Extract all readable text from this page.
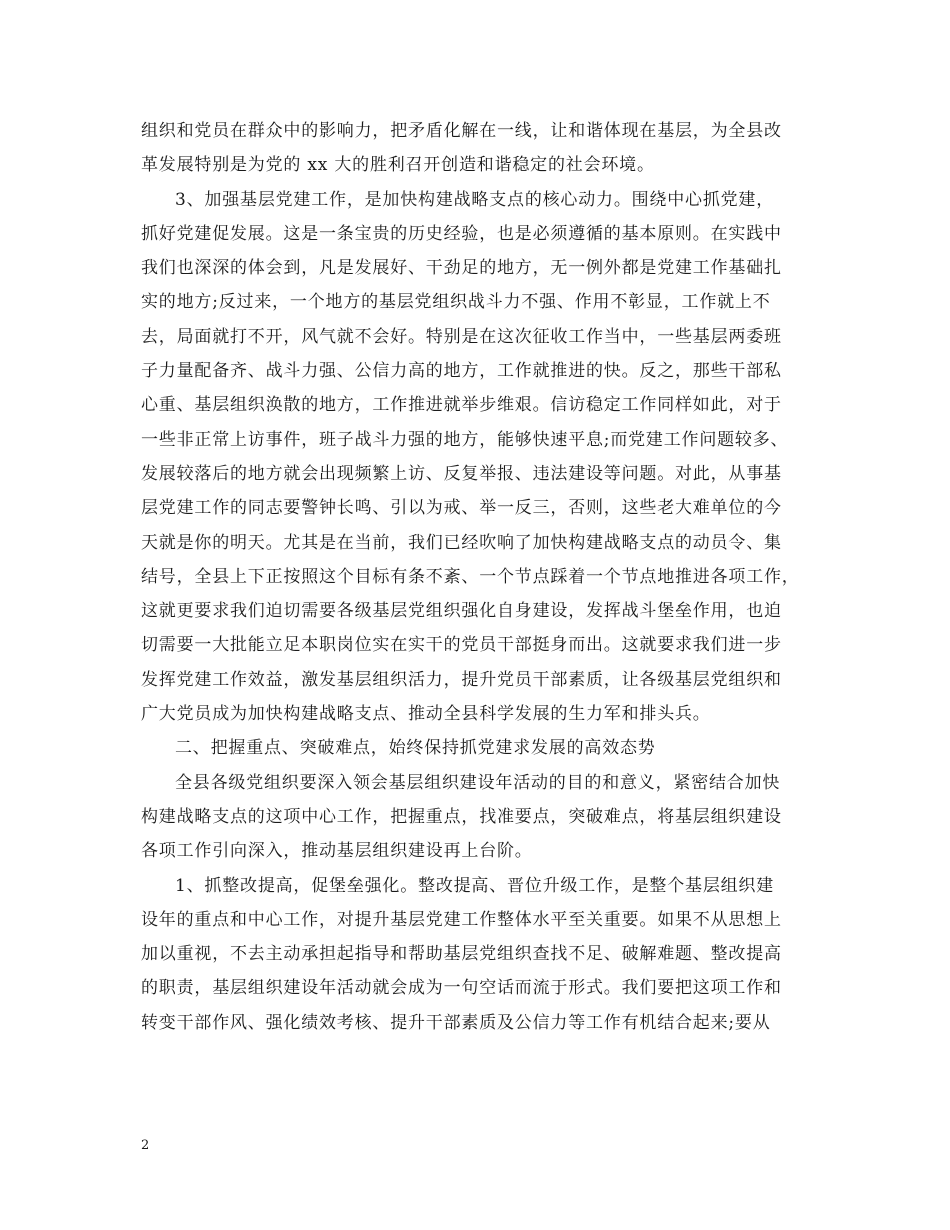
组织和党员在群众中的影响力，把矛盾化解在一线，让和谐体现在基层，为全县改
革发展特别是为党的 xx 大的胜利召开创造和谐稳定的社会环境。
3、加强基层党建工作，是加快构建战略支点的核心动力。围绕中心抓党建，
抓好党建促发展。这是一条宝贵的历史经验，也是必须遵循的基本原则。在实践中
我们也深深的体会到，凡是发展好、干劲足的地方，无一例外都是党建工作基础扎
实的地方;反过来，一个地方的基层党组织战斗力不强、作用不彰显，工作就上不
去，局面就打不开，风气就不会好。特别是在这次征收工作当中，一些基层两委班
子力量配备齐、战斗力强、公信力高的地方，工作就推进的快。反之，那些干部私
心重、基层组织涣散的地方，工作推进就举步维艰。信访稳定工作同样如此，对于
一些非正常上访事件，班子战斗力强的地方，能够快速平息;而党建工作问题较多、
发展较落后的地方就会出现频繁上访、反复举报、违法建设等问题。对此，从事基
层党建工作的同志要警钟长鸣、引以为戒、举一反三，否则，这些老大难单位的今
天就是你的明天。尤其是在当前，我们已经吹响了加快构建战略支点的动员令、集
结号，全县上下正按照这个目标有条不紊、一个节点踩着一个节点地推进各项工作，
这就更要求我们迫切需要各级基层党组织强化自身建设，发挥战斗堡垒作用，也迫
切需要一大批能立足本职岗位实在实干的党员干部挺身而出。这就要求我们进一步
发挥党建工作效益，激发基层组织活力，提升党员干部素质，让各级基层党组织和
广大党员成为加快构建战略支点、推动全县科学发展的生力军和排头兵。
二、把握重点、突破难点，始终保持抓党建求发展的高效态势
全县各级党组织要深入领会基层组织建设年活动的目的和意义，紧密结合加快
构建战略支点的这项中心工作，把握重点，找准要点，突破难点，将基层组织建设
各项工作引向深入，推动基层组织建设再上台阶。
1、抓整改提高，促堡垒强化。整改提高、晋位升级工作，是整个基层组织建
设年的重点和中心工作，对提升基层党建工作整体水平至关重要。如果不从思想上
加以重视，不去主动承担起指导和帮助基层党组织查找不足、破解难题、整改提高
的职责，基层组织建设年活动就会成为一句空话而流于形式。我们要把这项工作和
转变干部作风、强化绩效考核、提升干部素质及公信力等工作有机结合起来;要从
2
